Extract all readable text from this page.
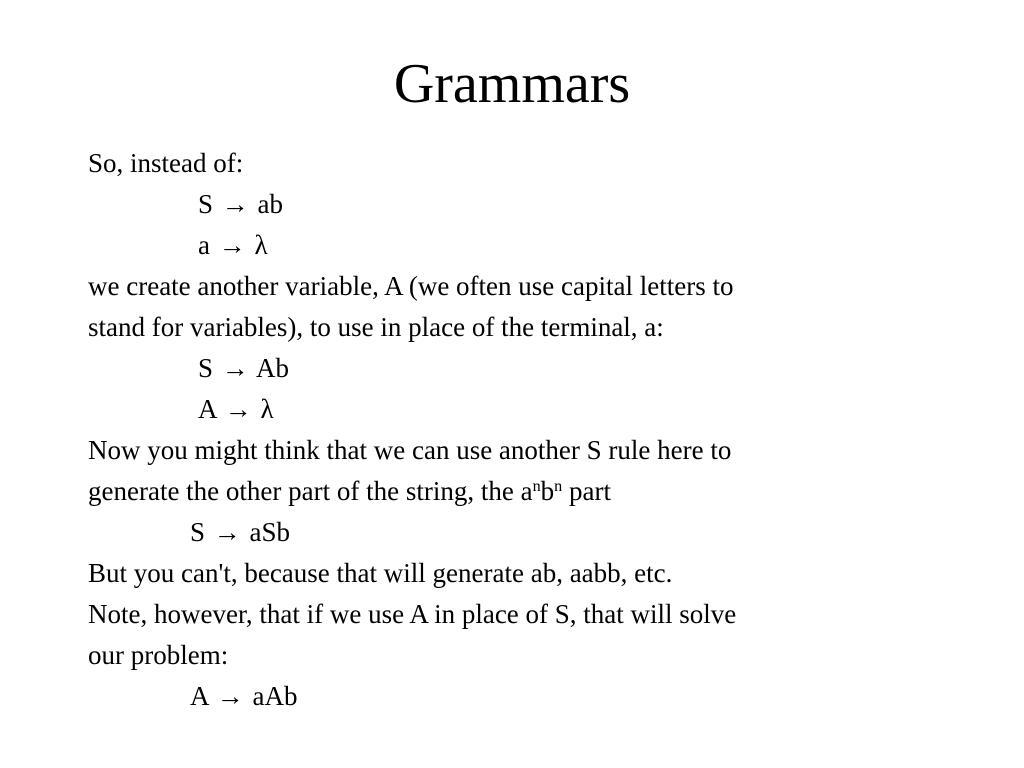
Grammars
So, instead of:
S → ab
a → λ
we create another variable, A (we often use capital letters to
stand for variables), to use in place of the terminal, a:
S → Ab
A → λ
Now you might think that we can use another S rule here to
generate the other part of the string, the $a^nb^n$ part
S → aSb
But you can't, because that will generate ab, aabb, etc.
Note, however, that if we use A in place of S, that will solve
our problem:
A → aAb
